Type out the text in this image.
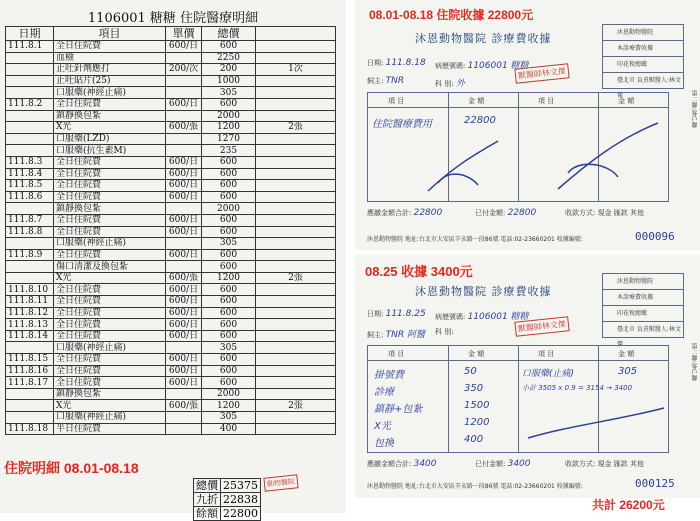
1106001 糖糖 住院醫療明細
日期	項目	單價	總價	
111.8.1	全日住院費	600/日	600	
	血檢		2250	
	止吐針劑應打	200/次	200	1次
	止吐貼片(25)		1000	
	口服藥(神經止痛)		305	
111.8.2	全日住院費	600/日	600	
	鎮靜換包紮		2000	
	X光	600/張	1200	2張
	口服藥(LZD)		1270	
	口服藥(抗生素M)		235	
111.8.3	全日住院費	600/日	600	
111.8.4	全日住院費	600/日	600	
111.8.5	全日住院費	600/日	600	
111.8.6	全日住院費	600/日	600	
	鎮靜換包紮		2000	
111.8.7	全日住院費	600/日	600	
111.8.8	全日住院費	600/日	600	
	口服藥(神經止痛)		305	
111.8.9	全日住院費	600/日	600	
	傷口清潔及換包紮		600	
	X光	600/張	1200	2張
111.8.10	全日住院費	600/日	600	
111.8.11	全日住院費	600/日	600	
111.8.12	全日住院費	600/日	600	
111.8.13	全日住院費	600/日	600	
111.8.14	全日住院費	600/日	600	
	口服藥(神經止痛)		305	
111.8.15	全日住院費	600/日	600	
111.8.16	全日住院費	600/日	600	
111.8.17	全日住院費	600/日	600	
	鎮靜換包紮		2000	
	X光	600/張	1200	2張
	口服藥(神經止痛)		305	
111.8.18	半日住院費		400	
總價	25375
九折	22838
餘額	22800
動物醫院
住院明細 08.01-08.18
08.01-08.18 住院收據 22800元
沐恩動物醫院 診療費收據	沐恩動物醫院
本診療費收據
印花稅總繳
臺北市 負責獸醫人:林文傑
日期: 111.8.18 病歷號碼: 1106001 糖糖
飼主: TNR	科 別: 外
獸醫師林文傑
項 目	金 額	項 目	金 額
住院醫療費用	22800
應繳金額合計: 22800	已付金額: 22800	收款方式: 現金 匯款 其他
沐恩動物醫院 地址:台北市大安區辛亥路一段86號 電話:02-23660201 收據編號:	000096
第二聯:客戶聯
08.25 收據 3400元
沐恩動物醫院 診療費收據
沐恩動物醫院
本診療費收據
印花稅總繳
臺北市 負責獸醫人:林文傑
日期: 111.8.25 病歷號碼: 1106001 糖糖
飼主: TNR 阿醫 科 別:	獸醫師林文傑
項 目	金 額	項 目	金 額
掛號費	50
診療	350
鎮靜+包紮	1500
X光	1200
包換	400
口服藥(止痛)	305
小計 3505 x 0.9 = 3154 → 3400
應繳金額合計: 3400	已付金額: 3400	收款方式: 現金 匯款 其他
沐恩動物醫院 地址:台北市大安區辛亥路一段86號 電話:02-23660201 收據編號:	000125
第二聯:客戶聯
共計 26200元
